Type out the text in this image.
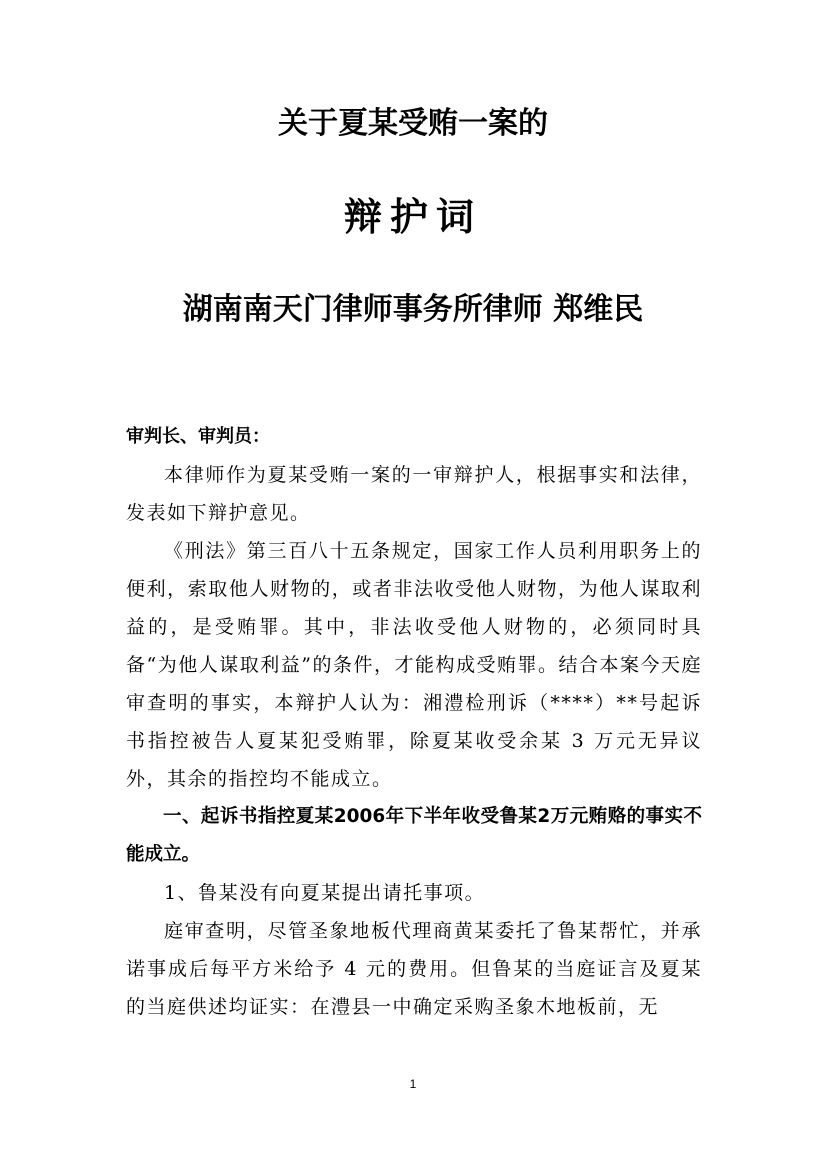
关于夏某受贿一案的
辩护词
湖南南天门律师事务所律师 郑维民

审判长、审判员：

本律师作为夏某受贿一案的一审辩护人，根据事实和法律，发表如下辩护意见。

《刑法》第三百八十五条规定，国家工作人员利用职务上的便利，索取他人财物的，或者非法收受他人财物，为他人谋取利益的，是受贿罪。其中，非法收受他人财物的，必须同时具备“为他人谋取利益”的条件，才能构成受贿罪。结合本案今天庭审查明的事实，本辩护人认为：湘澧检刑诉（****）**号起诉书指控被告人夏某犯受贿罪，除夏某收受余某 3 万元无异议外，其余的指控均不能成立。

一、起诉书指控夏某2006年下半年收受鲁某2万元贿赂的事实不能成立。

1、鲁某没有向夏某提出请托事项。

庭审查明，尽管圣象地板代理商黄某委托了鲁某帮忙，并承诺事成后每平方米给予 4 元的费用。但鲁某的当庭证言及夏某的当庭供述均证实：在澧县一中确定采购圣象木地板前，无

1
